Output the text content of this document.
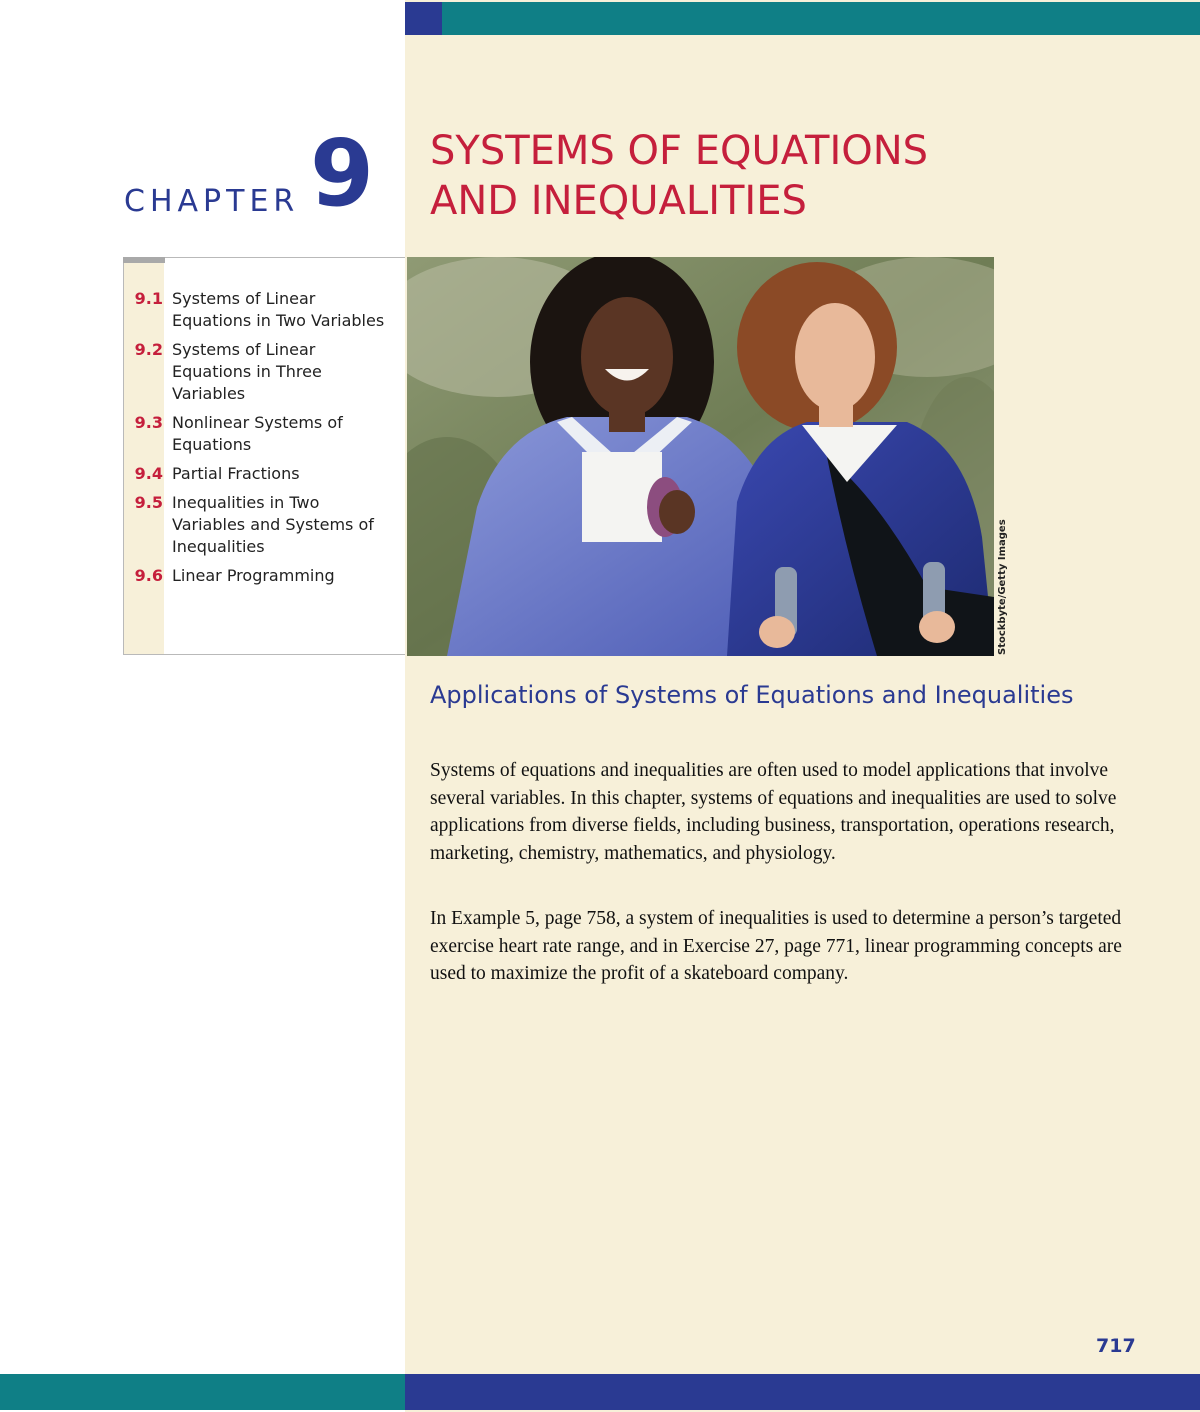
CHAPTER 9 SYSTEMS OF EQUATIONS
AND INEQUALITIES
9.1 Systems of Linear Equations in Two Variables
9.2 Systems of Linear Equations in Three Variables
9.3 Nonlinear Systems of Equations
9.4 Partial Fractions
9.5 Inequalities in Two Variables and Systems of Inequalities
9.6 Linear Programming	Stockbyte/Getty Images
Applications of Systems of Equations and Inequalities
Systems of equations and inequalities are often used to model applications that involve several variables. In this chapter, systems of equations and inequalities are used to solve applications from diverse fields, including business, transportation, operations research, marketing, chemistry, mathematics, and physiology.
In Example 5, page 758, a system of inequalities is used to determine a person’s targeted exercise heart rate range, and in Exercise 27, page 771, linear programming concepts are used to maximize the profit of a skateboard company.
717
